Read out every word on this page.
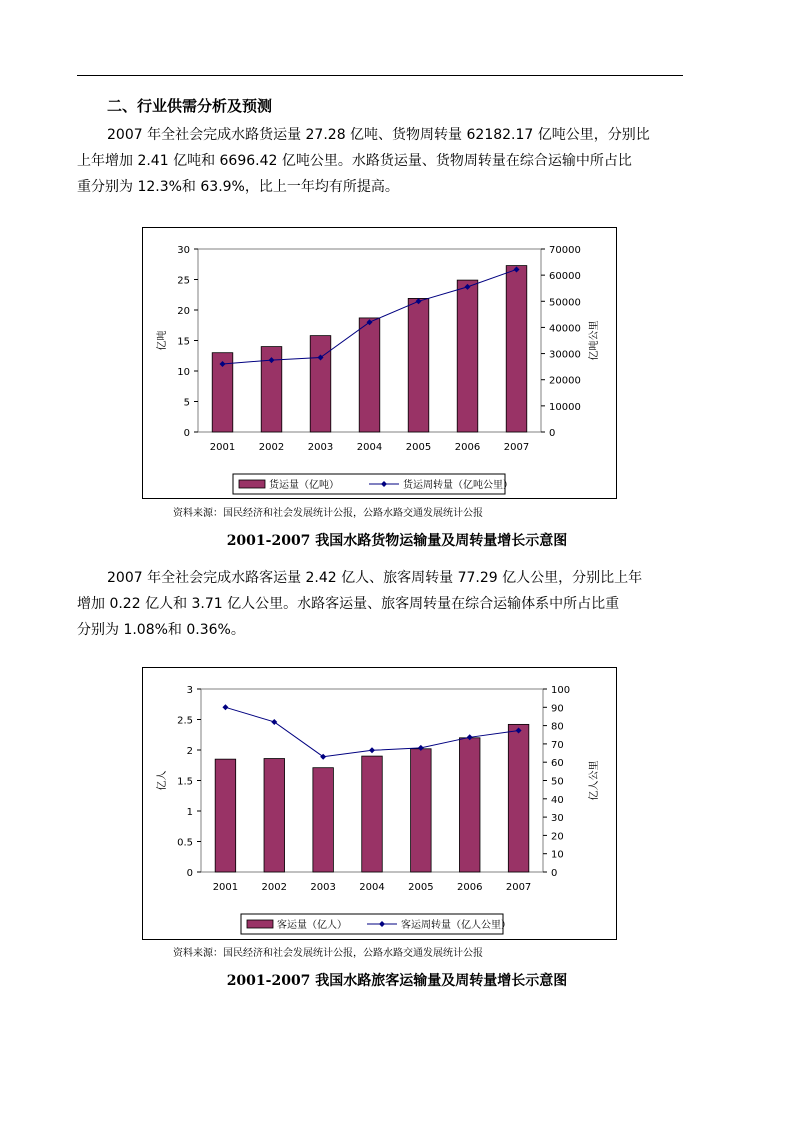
二、行业供需分析及预测
2007 年全社会完成水路货运量 27.28 亿吨、货物周转量 62182.17 亿吨公里，分别比
上年增加 2.41 亿吨和 6696.42 亿吨公里。水路货运量、货物周转量在综合运输中所占比
重分别为 12.3%和 63.9%，比上一年均有所提高。
0
5
10
15
20
25
30
0
10000
20000
30000
40000
50000
60000
70000
亿吨	亿吨公里
2001 2002 2003 2004 2005 2006 2007
货运量（亿吨）	货运周转量（亿吨公里）
资料来源：国民经济和社会发展统计公报，公路水路交通发展统计公报
2001-2007 我国水路货物运输量及周转量增长示意图
2007 年全社会完成水路客运量 2.42 亿人、旅客周转量 77.29 亿人公里，分别比上年
增加 0.22 亿人和 3.71 亿人公里。水路客运量、旅客周转量在综合运输体系中所占比重
分别为 1.08%和 0.36%。
0
0.5
1
1.5
2
2.5
3
0
10
20
30
40
50
60
70
80
90
100
亿人	亿人公里
2001 2002 2003 2004 2005 2006 2007
客运量（亿人）	客运周转量（亿人公里）
资料来源：国民经济和社会发展统计公报，公路水路交通发展统计公报
2001-2007 我国水路旅客运输量及周转量增长示意图
